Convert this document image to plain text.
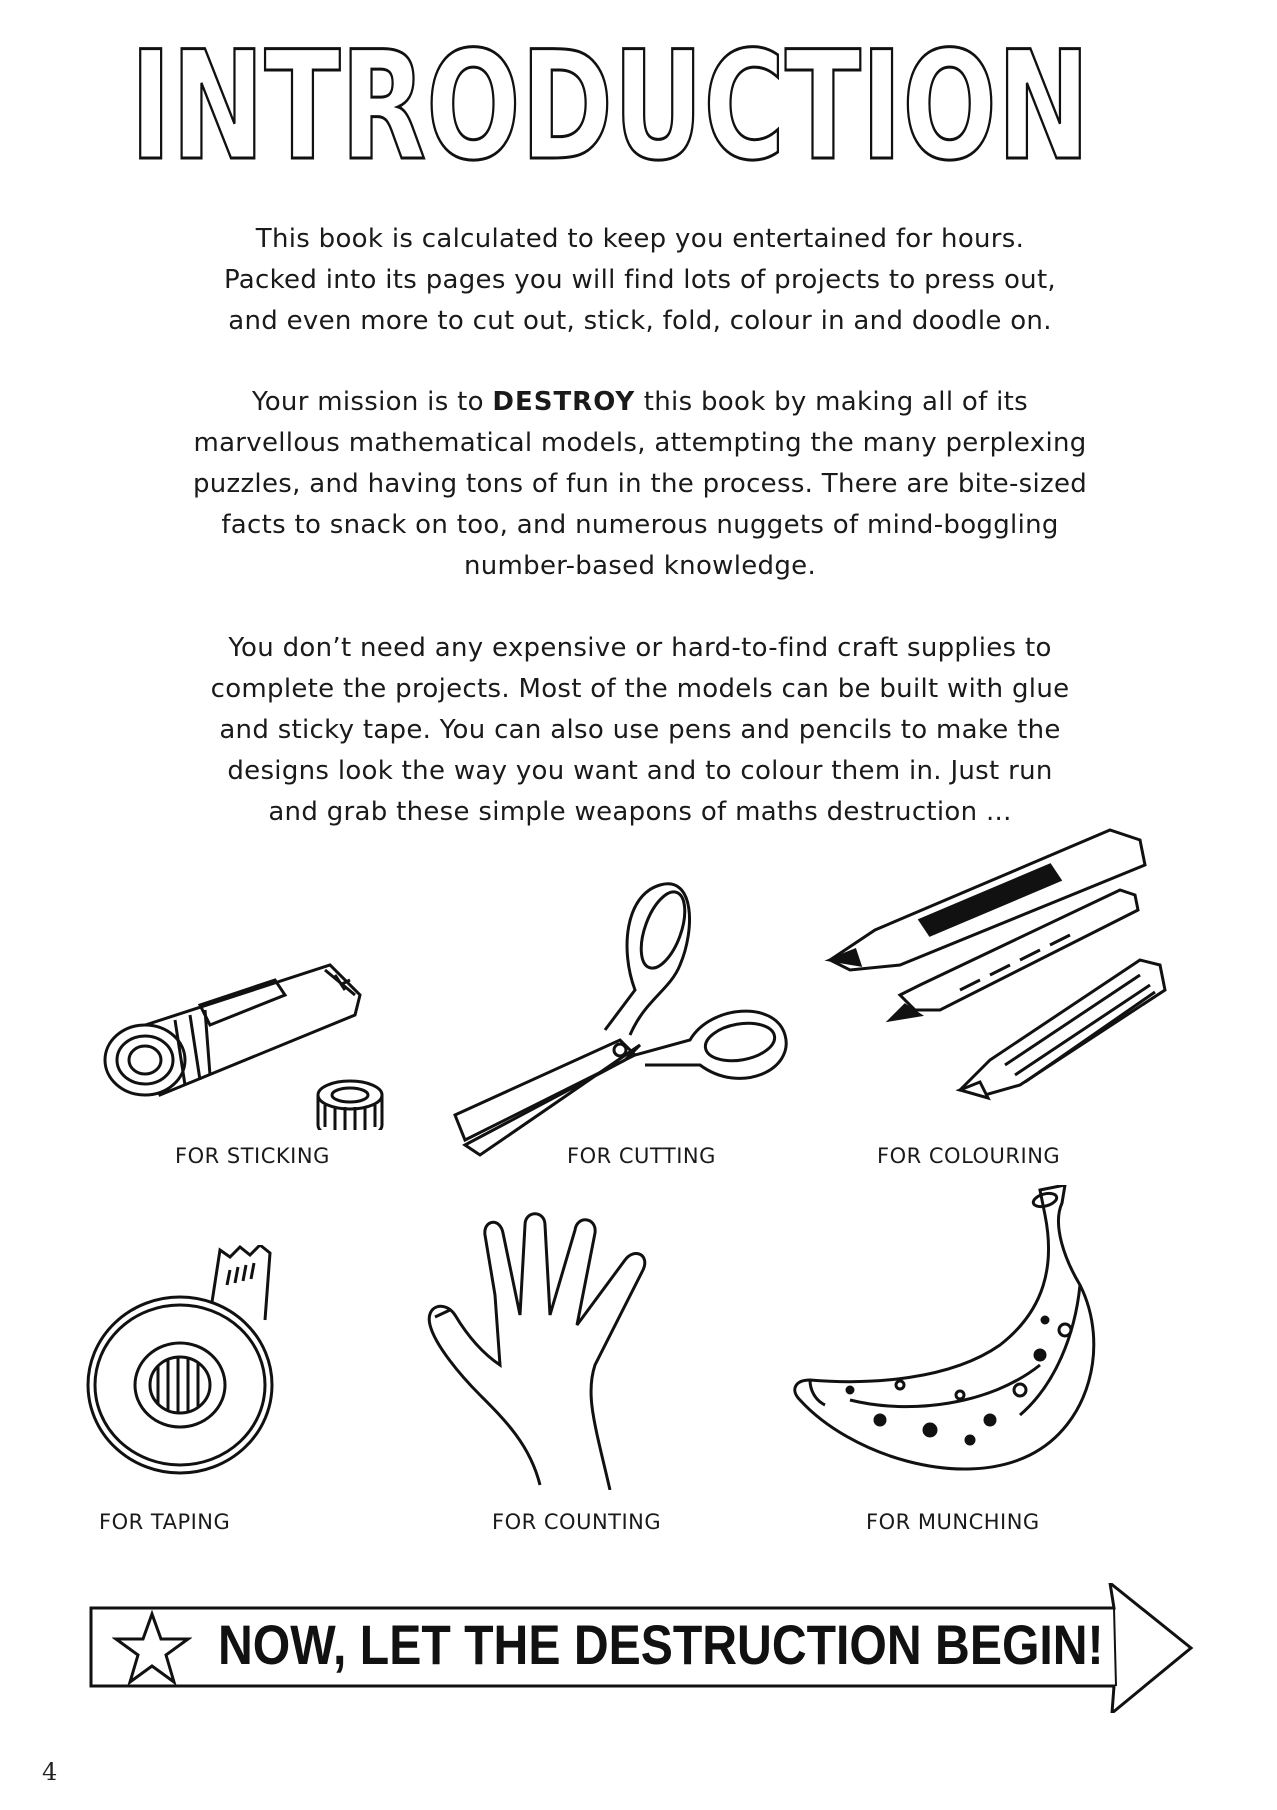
INTRODUCTION

This book is calculated to keep you entertained for hours.

Packed into its pages you will find lots of projects to press out,

and even more to cut out, stick, fold, colour in and doodle on.

Your mission is to DESTROY this book by making all of its

marvellous mathematical models, attempting the many perplexing

puzzles, and having tons of fun in the process. There are bite-sized

facts to snack on too, and numerous nuggets of mind-boggling

number-based knowledge.

You don’t need any expensive or hard-to-find craft supplies to

complete the projects. Most of the models can be built with glue

and sticky tape. You can also use pens and pencils to make the

designs look the way you want and to colour them in. Just run

and grab these simple weapons of maths destruction ...

FOR STICKING	FOR CUTTING	FOR COLOURING
FOR TAPING	FOR COUNTING	FOR MUNCHING
NOW, LET THE DESTRUCTION BEGIN!
4
